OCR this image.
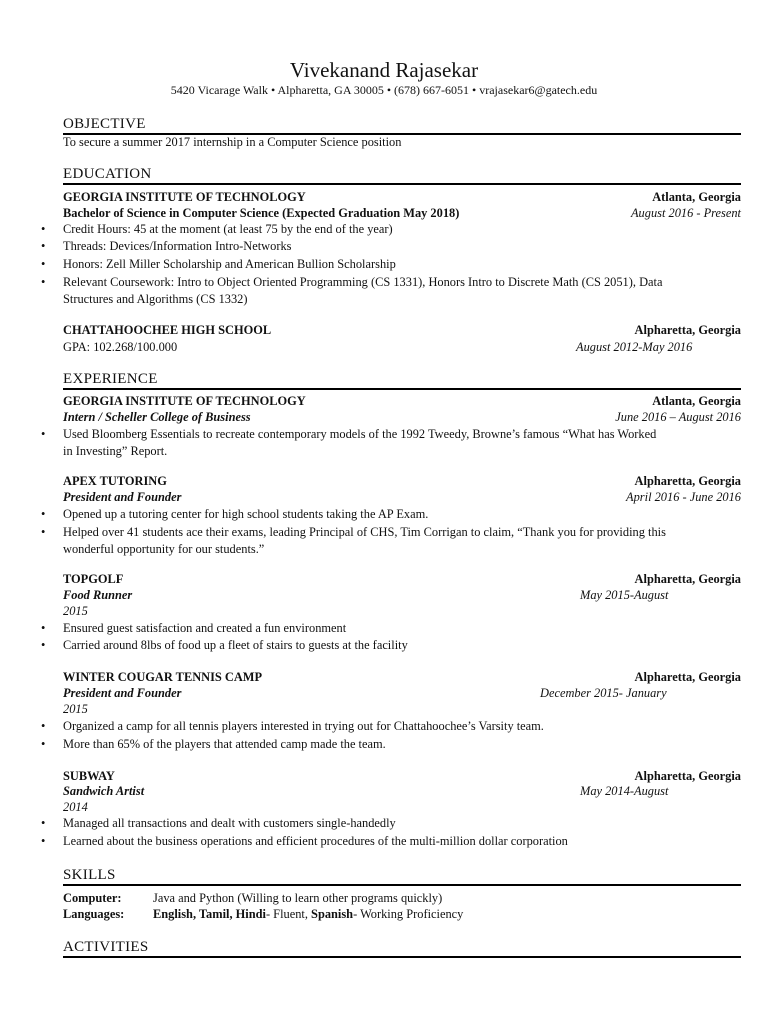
Vivekanand Rajasekar
5420 Vicarage Walk • Alpharetta, GA 30005 • (678) 667-6051 • vrajasekar6@gatech.edu
OBJECTIVE
To secure a summer 2017 internship in a Computer Science position
EDUCATION
GEORGIA INSTITUTE OF TECHNOLOGY	Atlanta, Georgia
Bachelor of Science in Computer Science (Expected Graduation May 2018)	August 2016 - Present
• Credit Hours: 45 at the moment (at least 75 by the end of the year)
• Threads: Devices/Information Intro-Networks
• Honors: Zell Miller Scholarship and American Bullion Scholarship
• Relevant Coursework: Intro to Object Oriented Programming (CS 1331), Honors Intro to Discrete Math (CS 2051), Data
Structures and Algorithms (CS 1332)
CHATTAHOOCHEE HIGH SCHOOL	Alpharetta, Georgia
GPA: 102.268/100.000	August 2012-May 2016
EXPERIENCE
GEORGIA INSTITUTE OF TECHNOLOGY	Atlanta, Georgia
Intern / Scheller College of Business	June 2016 – August 2016
• Used Bloomberg Essentials to recreate contemporary models of the 1992 Tweedy, Browne’s famous “What has Worked
in Investing” Report.
APEX TUTORING	Alpharetta, Georgia
President and Founder	April 2016 - June 2016
• Opened up a tutoring center for high school students taking the AP Exam.
• Helped over 41 students ace their exams, leading Principal of CHS, Tim Corrigan to claim, “Thank you for providing this
wonderful opportunity for our students.”
TOPGOLF	Alpharetta, Georgia
Food Runner	May 2015-August
2015
• Ensured guest satisfaction and created a fun environment
• Carried around 8lbs of food up a fleet of stairs to guests at the facility
WINTER COUGAR TENNIS CAMP	Alpharetta, Georgia
President and Founder	December 2015- January
2015
• Organized a camp for all tennis players interested in trying out for Chattahoochee’s Varsity team.
• More than 65% of the players that attended camp made the team.
SUBWAY	Alpharetta, Georgia
Sandwich Artist	May 2014-August
2014
• Managed all transactions and dealt with customers single-handedly
• Learned about the business operations and efficient procedures of the multi-million dollar corporation
SKILLS
Computer:	Java and Python (Willing to learn other programs quickly)
Languages: English, Tamil, Hindi- Fluent, Spanish- Working Proficiency
ACTIVITIES
